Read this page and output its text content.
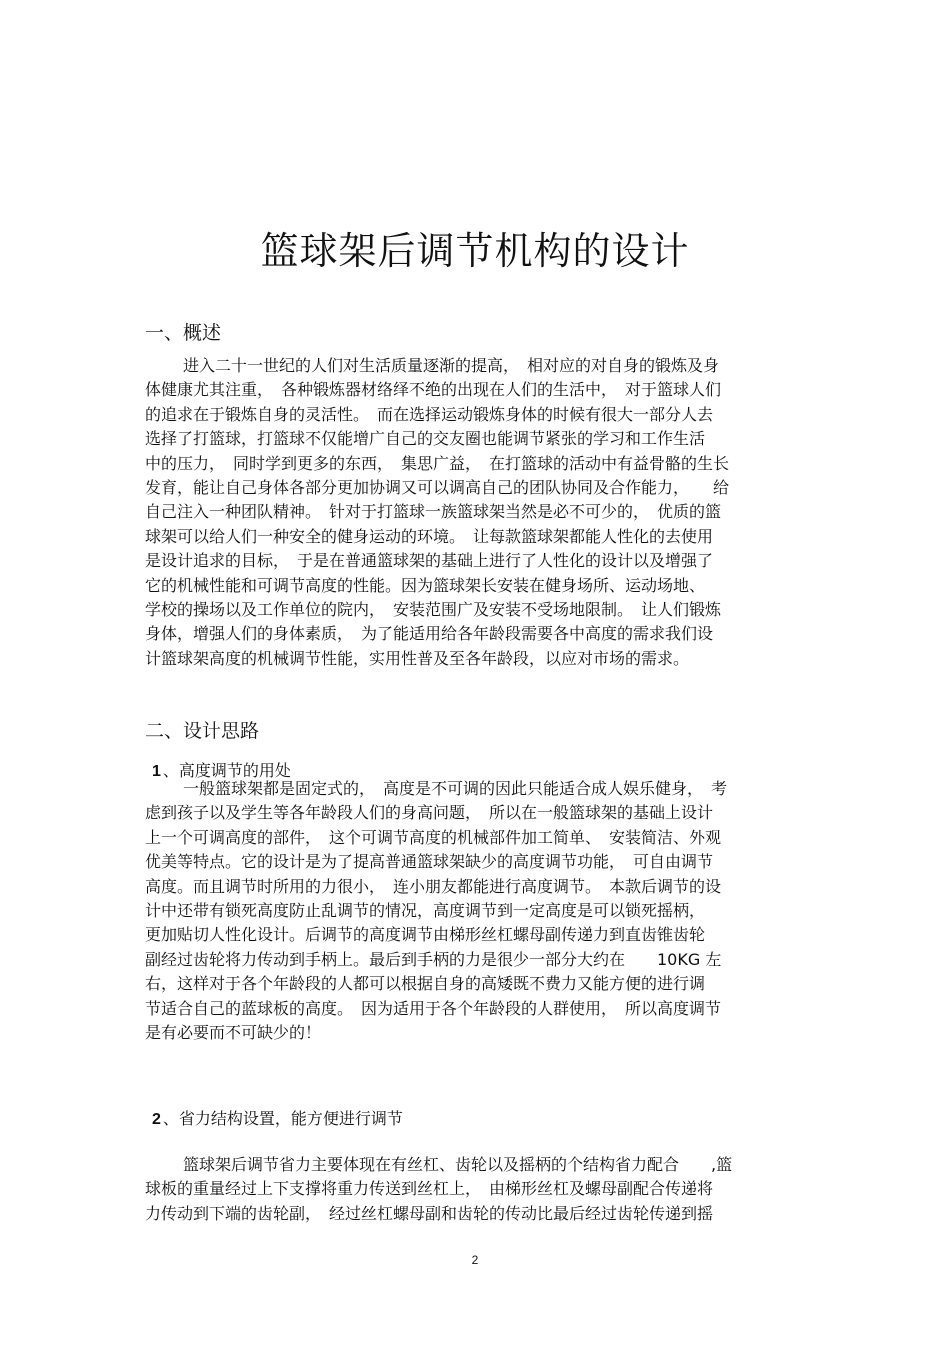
篮球架后调节机构的设计
一、概述

进入二十一世纪的人们对生活质量逐渐的提高，　相对应的对自身的锻炼及身
体健康尤其注重，　各种锻炼器材络绎不绝的出现在人们的生活中，　对于篮球人们
的追求在于锻炼自身的灵活性。　而在选择运动锻炼身体的时候有很大一部分人去
选择了打篮球，打篮球不仅能增广自己的交友圈也能调节紧张的学习和工作生活
中的压力，　同时学到更多的东西，　集思广益，　在打篮球的活动中有益骨骼的生长
发育，能让自己身体各部分更加协调又可以调高自己的团队协同及合作能力，　　给
自己注入一种团队精神。　针对于打篮球一族篮球架当然是必不可少的，　优质的篮
球架可以给人们一种安全的健身运动的环境。　让每款篮球架都能人性化的去使用
是设计追求的目标，　于是在普通篮球架的基础上进行了人性化的设计以及增强了
它的机械性能和可调节高度的性能。因为篮球架长安装在健身场所、运动场地、
学校的操场以及工作单位的院内，　安装范围广及安装不受场地限制。　让人们锻炼
身体，增强人们的身体素质，　为了能适用给各年龄段需要各中高度的需求我们设
计篮球架高度的机械调节性能，实用性普及至各年龄段，以应对市场的需求。

二、设计思路
1 、高度调节的用处

一般篮球架都是固定式的，　高度是不可调的因此只能适合成人娱乐健身，　考
虑到孩子以及学生等各年龄段人们的身高问题，　所以在一般篮球架的基础上设计
上一个可调高度的部件，　这个可调节高度的机械部件加工简单、　安装简洁、外观
优美等特点。它的设计是为了提高普通篮球架缺少的高度调节功能，　可自由调节
高度。而且调节时所用的力很小，　连小朋友都能进行高度调节。　本款后调节的设
计中还带有锁死高度防止乱调节的情况，高度调节到一定高度是可以锁死摇柄，
更加贴切人性化设计。后调节的高度调节由梯形丝杠螺母副传递力到直齿锥齿轮
副经过齿轮将力传动到手柄上。最后到手柄的力是很少一部分大约在　　10KG 左
右，这样对于各个年龄段的人都可以根据自身的高矮既不费力又能方便的进行调
节适合自己的蓝球板的高度。　因为适用于各个年龄段的人群使用，　所以高度调节
是有必要而不可缺少的！

2 、省力结构设置，能方便进行调节

篮球架后调节省力主要体现在有丝杠、齿轮以及摇柄的个结构省力配合　　,篮
球板的重量经过上下支撑将重力传送到丝杠上，　由梯形丝杠及螺母副配合传递将
力传动到下端的齿轮副，　经过丝杠螺母副和齿轮的传动比最后经过齿轮传递到摇

2
